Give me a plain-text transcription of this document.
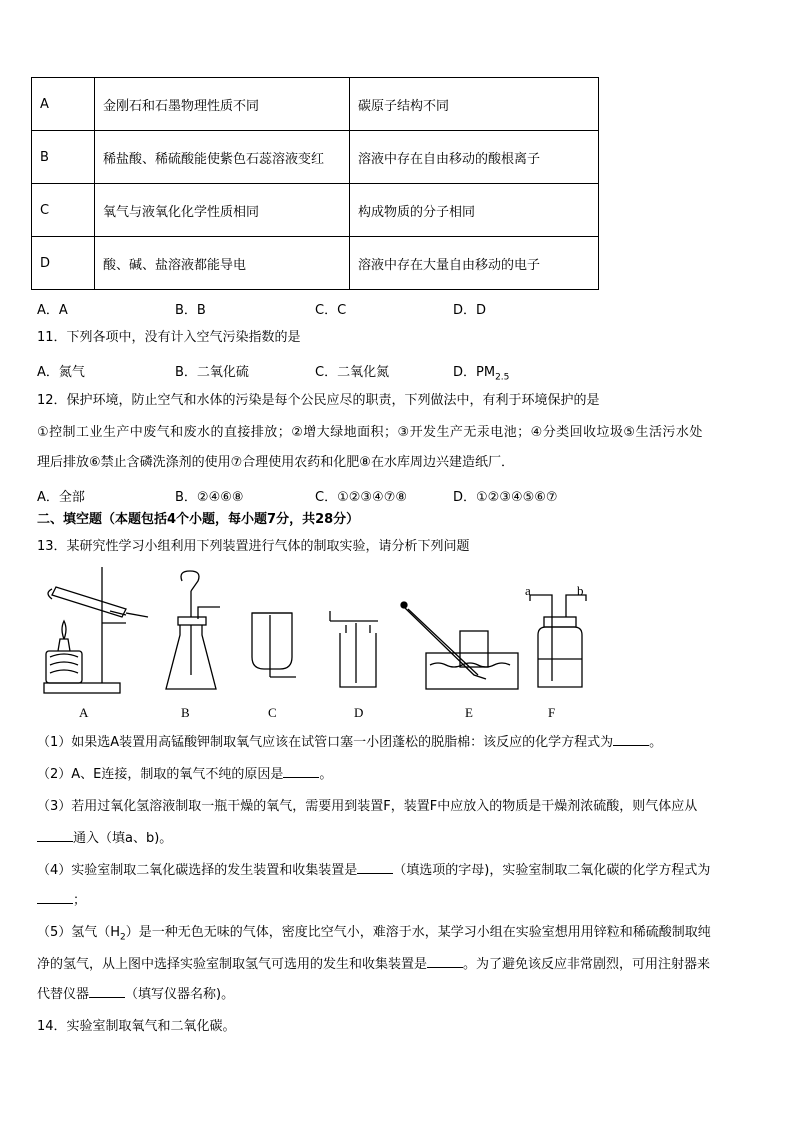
A	金刚石和石墨物理性质不同	碳原子结构不同
B	稀盐酸、稀硫酸能使紫色石蕊溶液变红	溶液中存在自由移动的酸根离子
C	氧气与液氧化化学性质相同	构成物质的分子相同
D	酸、碱、盐溶液都能导电	溶液中存在大量自由移动的电子
A．A	B．B	C．C	D．D
11．下列各项中，没有计入空气污染指数的是
A．氮气	B．二氧化硫	C．二氧化氮	D．$PM_{2.5}$
12．保护环境，防止空气和水体的污染是每个公民应尽的职责，下列做法中，有利于环境保护的是
①控制工业生产中废气和废水的直接排放；②增大绿地面积；③开发生产无汞电池；④分类回收垃圾⑤生活污水处
理后排放⑥禁止含磷洗涤剂的使用⑦合理使用农药和化肥⑧在水库周边兴建造纸厂．
A．全部	B．②④⑥⑧	C．①②③④⑦⑧	D．①②③④⑤⑥⑦
二、填空题（本题包括4个小题，每小题7分，共28分）
13．某研究性学习小组利用下列装置进行气体的制取实验，请分析下列问题
a	b
A	B	C	D	E	F
（1）如果选A装置用高锰酸钾制取氧气应该在试管口塞一小团蓬松的脱脂棉：该反应的化学方程式为	。
（2）A、E连接，制取的氧气不纯的原因是	。
（3）若用过氧化氢溶液制取一瓶干燥的氧气，需要用到装置F，装置F中应放入的物质是干燥剂浓硫酸，则气体应从
通入（填a、b)。
（4）实验室制取二氧化碳选择的发生装置和收集装置是	（填选项的字母)，实验室制取二氧化碳的化学方程式为
；
（5）氢气$(H_2)$是一种无色无味的气体，密度比空气小，难溶于水，某学习小组在实验室想用用锌粒和稀硫酸制取纯
净的氢气，从上图中选择实验室制取氢气可选用的发生和收集装置是	。为了避免该反应非常剧烈，可用注射器来
代替仪器	（填写仪器名称)。
14．实验室制取氧气和二氧化碳。
